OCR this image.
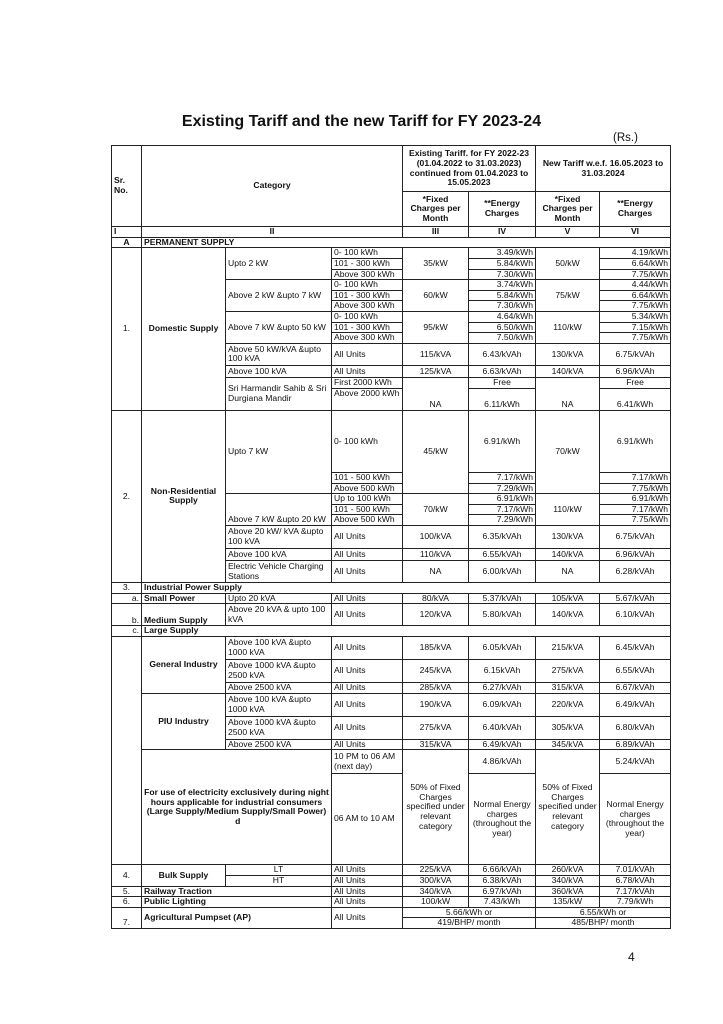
Existing Tariff and the new Tariff for FY 2023-24
(Rs.)
Sr. No.	Category			Existing Tariff. for FY 2022-23 (01.04.2022 to 31.03.2023) continued from 01.04.2023 to 15.05.2023		New Tariff w.e.f. 16.05.2023 to 31.03.2024	
				*Fixed Charges per Month	**Energy Charges	*Fixed Charges per Month	**Energy Charges
I	II			III	IV	V	VI
A	PERMANENT SUPPLY						
1.	Domestic Supply	Upto 2 kW	0- 100 kWh	35/kW	3.49/kWh	50/kW	4.19/kWh
			101 - 300 kWh		5.84/kWh		6.64/kWh
			Above 300 kWh		7.30/kWh		7.75/kWh
		Above 2 kW &upto 7 kW	0- 100 kWh	60/kW	3.74/kWh	75/kW	4.44/kWh
			101 - 300 kWh		5.84/kWh		6.64/kWh
			Above 300 kWh		7.30/kWh		7.75/kWh
		Above 7 kW &upto 50 kW	0- 100 kWh	95/kW	4.64/kWh	110/kW	5.34/kWh
			101 - 300 kWh		6.50/kWh		7.15/kWh
			Above 300 kWh		7.50/kWh		7.75/kWh
		Above 50 kW/kVA &upto 100 kVA	All Units	115/kVA	6.43/kVAh	130/kVA	6.75/kVAh
		Above 100 kVA	All Units	125/kVA	6.63/kVAh	140/kVA	6.96/kVAh
		Sri Harmandir Sahib & Sri Durgiana Mandir	First 2000 kWh	NA	Free	NA	Free
			Above 2000 kWh				
					6.11/kWh		6.41/kWh
2.	Non-Residential Supply	Upto 7 kW	0- 100 kWh	45/kW	6.91/kWh	70/kW	6.91/kWh
			101 - 500 kWh		7.17/kWh		7.17/kWh
			Above 500 kWh		7.29/kWh		7.75/kWh
		Above 7 kW &upto 20 kW	Up to 100 kWh	70/kW	6.91/kWh	110/kW	6.91/kWh
			101 - 500 kWh		7.17/kWh		7.17/kWh
			Above 500 kWh		7.29/kWh		7.75/kWh
		Above 20 kW/ kVA &upto 100 kVA	All Units	100/kVA	6.35/kVAh	130/kVA	6.75/kVAh
		Above 100 kVA	All Units	110/kVA	6.55/kVAh	140/kVA	6.96/kVAh
		Electric Vehicle Charging Stations	All Units	NA	6.00/kVAh	NA	6.28/kVAh
3.	Industrial Power Supply						
a.	Small Power	Upto 20 kVA	All Units	80/kVA	5.37/kVAh	105/kVA	5.67/kVAh
b.	Medium Supply	Above 20 kVA & upto 100 kVA	All Units	120/kVA	5.80/kVAh	140/kVA	6.10/kVAh
c.	Large Supply						
	General Industry	Above 100 kVA &upto 1000 kVA	All Units	185/kVA	6.05/kVAh	215/kVA	6.45/kVAh
		Above 1000 kVA &upto 2500 kVA	All Units	245/kVA	6.15kVAh	275/kVA	6.55/kVAh
		Above 2500 kVA	All Units	285/kVA	6.27/kVAh	315/kVA	6.67/kVAh
	PIU Industry	Above 100 kVA &upto 1000 kVA	All Units	190/kVA	6.09/kVAh	220/kVA	6.49/kVAh
		Above 1000 kVA &upto 2500 kVA	All Units	275/kVA	6.40/kVAh	305/kVA	6.80/kVAh
		Above 2500 kVA	All Units	315/kVA	6.49/kVAh	345/kVA	6.89/kVAh
	For use of electricity exclusively during night hours applicable for industrial consumers (Large Supply/Medium Supply/Small Power)  d		10 PM to 06 AM (next day)	50% of Fixed Charges specified under relevant category	4.86/kVAh	50% of Fixed Charges specified under relevant category	5.24/kVAh
			06 AM to 10 AM		Normal Energy charges (throughout the year)		Normal Energy charges (throughout the year)

4.	Bulk Supply	LT	All Units	225/kVA	6.66/kVAh	260/kVA	7.01/kVAh
		HT	All Units	300/kVA	6.38/kVAh	340/kVA	6.78/kVAh
5.	Railway Traction		All Units	340/kVA	6.97/kVAh	360/kVA	7.17/kVAh
6.	Public Lighting		All Units	100/kW	7.43/kWh	135/kW	7.79/kWh
7.	Agricultural Pumpset (AP)		All Units	5.66/kWh or		6.55/kWh or	
				419/BHP/ month		485/BHP/ month	
4
